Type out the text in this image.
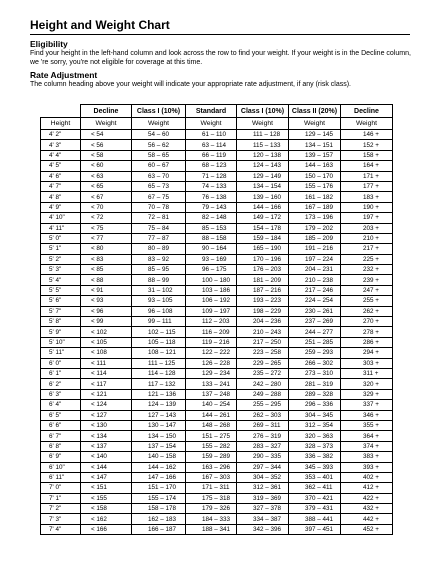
Height and Weight Chart
Eligibility

Find your height in the left-hand column and look across the row to find your weight. If your weight is in the Decline column, we 're sorry, you're not eligible for coverage at this time.

Rate Adjustment

The column heading above your weight will indicate your appropriate rate adjustment, if any (risk class).

	Decline	Class I (10%)	Standard	Class I (10%)	Class II (20%)	Decline
Height	Weight	Weight	Weight	Weight	Weight	Weight
4' 2"	< 54	54 – 60	61 – 110	111 – 128	129 – 145	146 +
4' 3"	< 56	56 – 62	63 – 114	115 – 133	134 – 151	152 +
4' 4"	< 58	58 – 65	66 – 119	120 – 138	139 – 157	158 +
4' 5"	< 60	60 – 67	68 – 123	124 – 143	144 – 163	164 +
4' 6"	< 63	63 – 70	71 – 128	129 – 149	150 – 170	171 +
4' 7"	< 65	65 – 73	74 – 133	134 – 154	155 – 176	177 +
4' 8"	< 67	67 – 75	76 – 138	139 – 160	161 – 182	183 +
4' 9"	< 70	70 – 78	79 – 143	144 – 166	167 – 189	190 +
4' 10"	< 72	72 – 81	82 – 148	149 – 172	173 – 196	197 +
4' 11"	< 75	75 – 84	85 – 153	154 – 178	179 – 202	203 +
5' 0"	< 77	77 – 87	88 – 158	159 – 184	185 – 209	210 +
5' 1"	< 80	80 – 89	90 – 164	165 – 190	191 – 216	217 +
5' 2"	< 83	83 – 92	93 – 169	170 – 196	197 – 224	225 +
5' 3"	< 85	85 – 95	96 – 175	176 – 203	204 – 231	232 +
5' 4"	< 88	88 – 99	100 – 180	181 – 209	210 – 238	239 +
5' 5"	< 91	31 – 102	103 – 186	187 – 216	217 – 246	247 +
5' 6"	< 93	93 – 105	106 – 192	193 – 223	224 – 254	255 +
5' 7"	< 96	96 – 108	109 – 197	198 – 229	230 – 261	262 +
5' 8"	< 99	99 – 111	112 – 203	204 – 236	237 – 269	270 +
5' 9"	< 102	102 – 115	116 – 209	210 – 243	244 – 277	278 +
5' 10"	< 105	105 – 118	119 – 216	217 – 250	251 – 285	286 +
5' 11"	< 108	108 – 121	122 – 222	223 – 258	259 – 293	294 +
6' 0"	< 111	111 – 125	126 – 228	229 – 265	266 – 302	303 +
6' 1"	< 114	114 – 128	129 – 234	235 – 272	273 – 310	311 +
6' 2"	< 117	117 – 132	133 – 241	242 – 280	281 – 319	320 +
6' 3"	< 121	121 – 136	137 – 248	249 – 288	289 – 328	329 +
6' 4"	< 124	124 – 139	140 – 254	255 – 295	296 – 336	337 +
6' 5"	< 127	127 – 143	144 – 261	262 – 303	304 – 345	346 +
6' 6"	< 130	130 – 147	148 – 268	269 – 311	312 – 354	355 +
6' 7"	< 134	134 – 150	151 – 275	276 – 319	320 – 363	364 +
6' 8"	< 137	137 – 154	155 – 282	283 – 327	328 – 373	374 +
6' 9"	< 140	140 – 158	159 – 289	290 – 335	336 – 382	383 +
6' 10"	< 144	144 – 162	163 – 296	297 – 344	345 – 393	393 +
6' 11"	< 147	147 – 166	167 – 303	304 – 352	353 – 401	402 +
7' 0"	< 151	151 – 170	171 – 311	312 – 361	362 – 411	412 +
7' 1"	< 155	155 – 174	175 – 318	319 – 369	370 – 421	422 +
7' 2"	< 158	158 – 178	179 – 326	327 – 378	379 – 431	432 +
7' 3"	< 162	162 – 183	184 – 333	334 – 387	388 – 441	442 +
7' 4"	< 166	166 – 187	188 – 341	342 – 396	397 – 451	452 +
